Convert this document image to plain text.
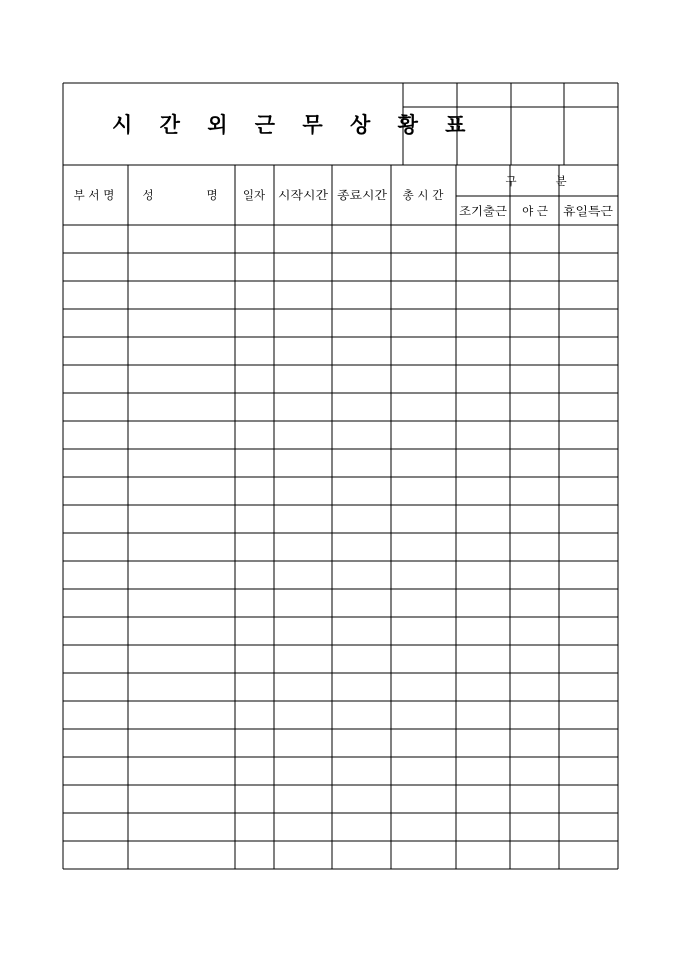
시 간 외 근 무 상 황 표
부 서 명 성	명 일자 시작시간 종료시간 총 시 간
구	분
조기출근 야 근 휴일특근
